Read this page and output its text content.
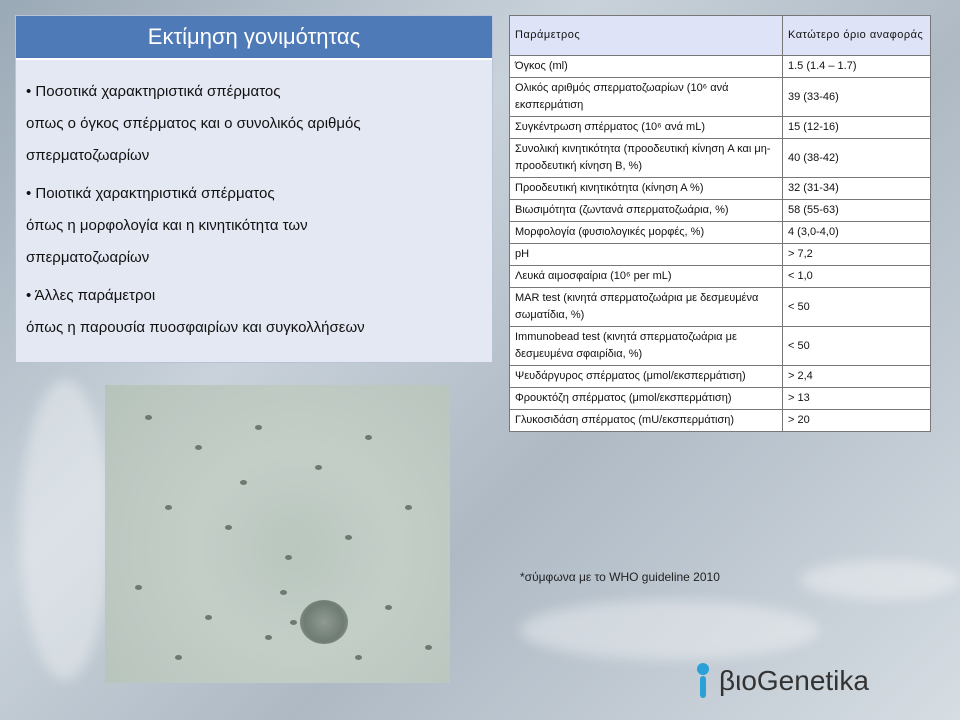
Εκτίμηση γονιμότητας
• Ποσοτικά χαρακτηριστικά σπέρματος
oπως ο όγκος σπέρματος και ο συνολικός αριθμός
σπερματοζωαρίων
• Ποιοτικά χαρακτηριστικά σπέρματος
όπως η μορφολογία και η κινητικότητα των
σπερματοζωαρίων
• Άλλες παράμετροι
όπως η παρουσία πυοσφαιρίων και συγκολλήσεων
Παράμετρος	Κατώτερο όριο αναφοράς
Όγκος (ml)	1.5 (1.4 – 1.7)
Ολικός αριθμός σπερματοζωαρίων (10⁶ ανά εκσπερμάτιση	39 (33-46)
Συγκέντρωση σπέρματος (10⁶ ανά mL)	15 (12-16)
Συνολική κινητικότητα (προοδευτική κίνηση A και μη-προοδευτική κίνηση B, %)	40 (38-42)
Προοδευτική κινητικότητα (κίνηση Α %)	32 (31-34)
Βιωσιμότητα (ζωντανά σπερματοζωάρια, %)	58 (55-63)
Μορφολογία (φυσιολογικές μορφές, %)	4 (3,0-4,0)
pH	> 7,2
Λευκά αιμοσφαίρια (10⁶ per mL)	< 1,0
MAR test (κινητά σπερματοζωάρια με δεσμευμένα σωματίδια, %)	< 50
Immunobead test (κινητά σπερματοζωάρια με δεσμευμένα σφαιρίδια, %)	< 50
Ψευδάργυρος σπέρματος (μmol/εκσπερμάτιση)	> 2,4
Φρουκτόζη σπέρματος (μmol/εκσπερμάτιση)	> 13
Γλυκοσιδάση σπέρματος (mU/εκσπερμάτιση)	> 20
*σύμφωνα με το WHO guideline 2010
βιοGenetika
